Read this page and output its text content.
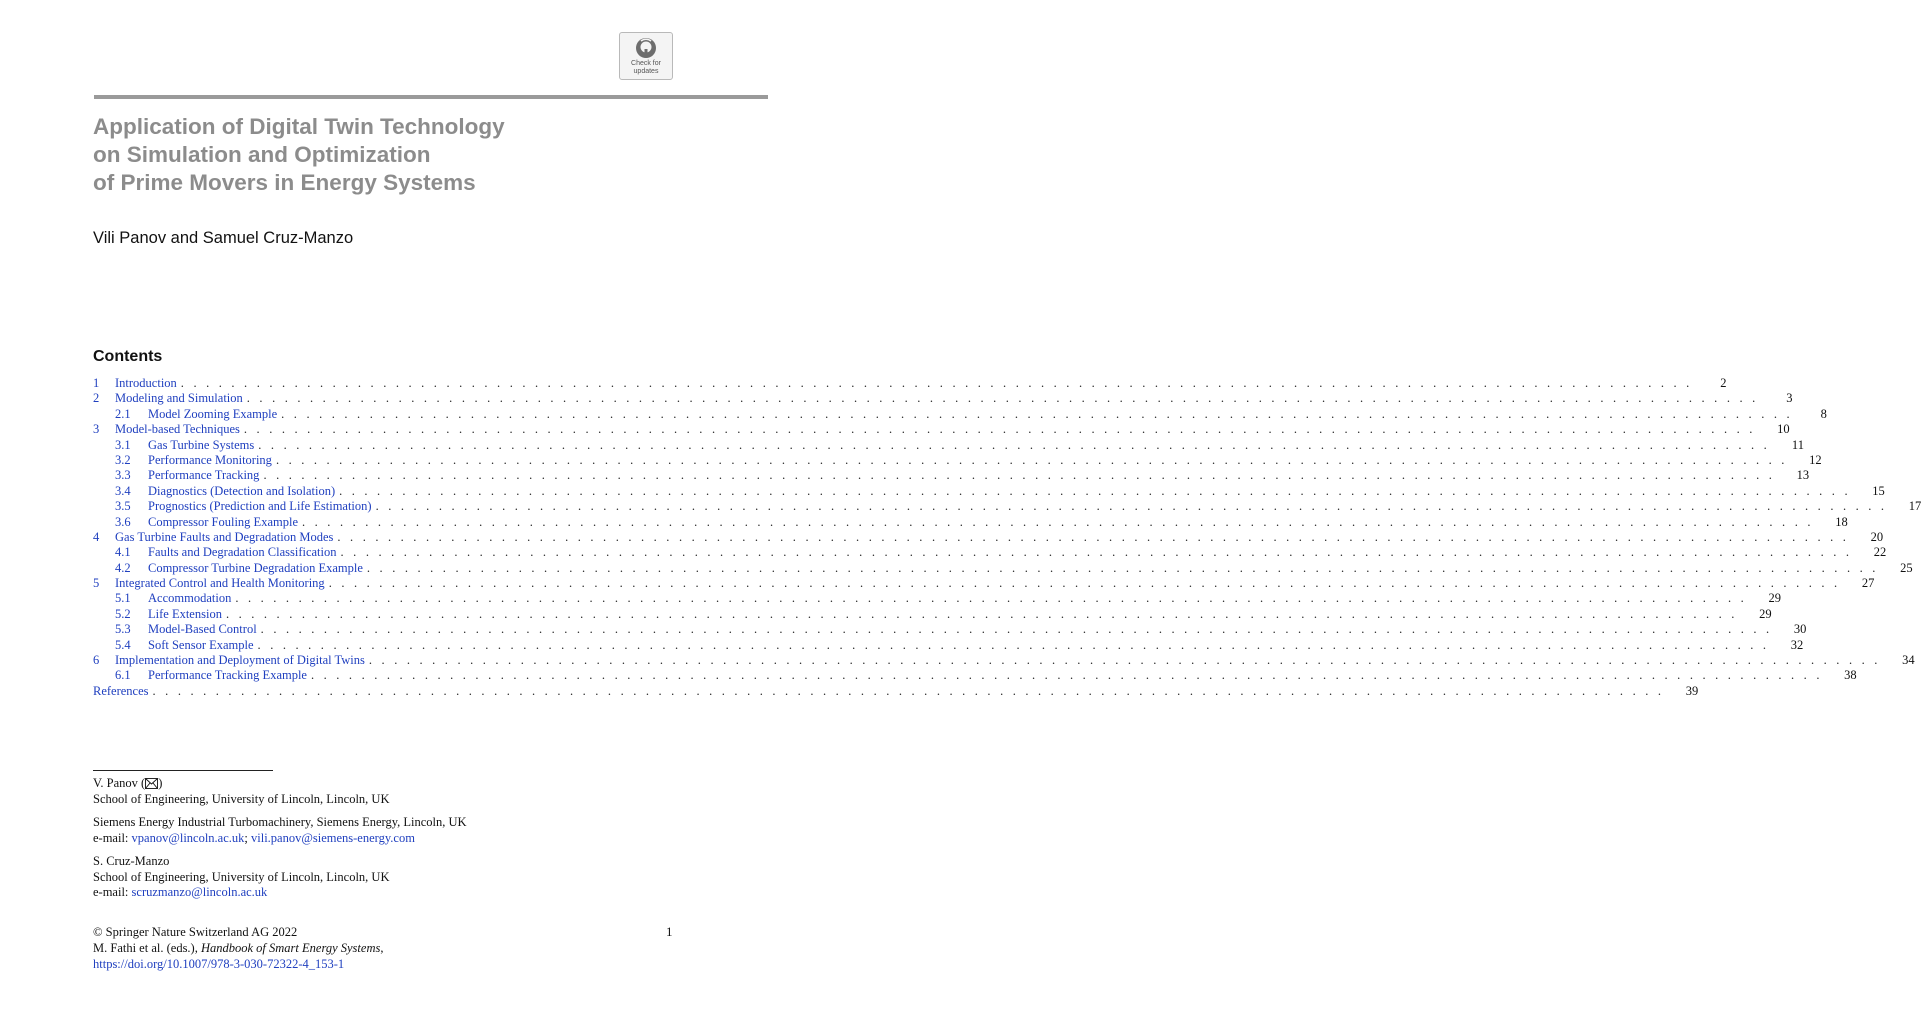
Check for
updates
Application of Digital Twin Technology
on Simulation and Optimization
of Prime Movers in Energy Systems
Vili Panov and Samuel Cruz-Manzo
Contents
1	Introduction . . . . . . . . . . . . . . . . . . . . . . . . . . . . . . . . . . . . . . . . . . . . . . . . . . . . . . . . . . . . . . . . . . . . . . . . . . . . . . . . . . . . . . . . . . . . . . . . . . . . . . . . . . . . . . . . . . . . . . . .	2
2	Modeling and Simulation . . . . . . . . . . . . . . . . . . . . . . . . . . . . . . . . . . . . . . . . . . . . . . . . . . . . . . . . . . . . . . . . . . . . . . . . . . . . . . . . . . . . . . . . . . . . . . . . . . . . . . . . . . . . . . . . . . . . . . . .	3
2.1	Model Zooming Example . . . . . . . . . . . . . . . . . . . . . . . . . . . . . . . . . . . . . . . . . . . . . . . . . . . . . . . . . . . . . . . . . . . . . . . . . . . . . . . . . . . . . . . . . . . . . . . . . . . . . . . . . . . . . . . . . . . . . . . .	8
3	Model-based Techniques . . . . . . . . . . . . . . . . . . . . . . . . . . . . . . . . . . . . . . . . . . . . . . . . . . . . . . . . . . . . . . . . . . . . . . . . . . . . . . . . . . . . . . . . . . . . . . . . . . . . . . . . . . . . . . . . . . . . . . . .	10
3.1	Gas Turbine Systems . . . . . . . . . . . . . . . . . . . . . . . . . . . . . . . . . . . . . . . . . . . . . . . . . . . . . . . . . . . . . . . . . . . . . . . . . . . . . . . . . . . . . . . . . . . . . . . . . . . . . . . . . . . . . . . . . . . . . . . .	11
3.2	Performance Monitoring . . . . . . . . . . . . . . . . . . . . . . . . . . . . . . . . . . . . . . . . . . . . . . . . . . . . . . . . . . . . . . . . . . . . . . . . . . . . . . . . . . . . . . . . . . . . . . . . . . . . . . . . . . . . . . . . . . . . . . . .	12
3.3	Performance Tracking . . . . . . . . . . . . . . . . . . . . . . . . . . . . . . . . . . . . . . . . . . . . . . . . . . . . . . . . . . . . . . . . . . . . . . . . . . . . . . . . . . . . . . . . . . . . . . . . . . . . . . . . . . . . . . . . . . . . . . . .	13
3.4	Diagnostics (Detection and Isolation) . . . . . . . . . . . . . . . . . . . . . . . . . . . . . . . . . . . . . . . . . . . . . . . . . . . . . . . . . . . . . . . . . . . . . . . . . . . . . . . . . . . . . . . . . . . . . . . . . . . . . . . . . . . . . . . . . . . . . . . .	15
3.5	Prognostics (Prediction and Life Estimation) . . . . . . . . . . . . . . . . . . . . . . . . . . . . . . . . . . . . . . . . . . . . . . . . . . . . . . . . . . . . . . . . . . . . . . . . . . . . . . . . . . . . . . . . . . . . . . . . . . . . . . . . . . . . . . . . . . . . . . . .	17
3.6	Compressor Fouling Example . . . . . . . . . . . . . . . . . . . . . . . . . . . . . . . . . . . . . . . . . . . . . . . . . . . . . . . . . . . . . . . . . . . . . . . . . . . . . . . . . . . . . . . . . . . . . . . . . . . . . . . . . . . . . . . . . . . . . . . .	18
4	Gas Turbine Faults and Degradation Modes . . . . . . . . . . . . . . . . . . . . . . . . . . . . . . . . . . . . . . . . . . . . . . . . . . . . . . . . . . . . . . . . . . . . . . . . . . . . . . . . . . . . . . . . . . . . . . . . . . . . . . . . . . . . . . . . . . . . . . . .	20
4.1	Faults and Degradation Classification . . . . . . . . . . . . . . . . . . . . . . . . . . . . . . . . . . . . . . . . . . . . . . . . . . . . . . . . . . . . . . . . . . . . . . . . . . . . . . . . . . . . . . . . . . . . . . . . . . . . . . . . . . . . . . . . . . . . . . . .	22
4.2	Compressor Turbine Degradation Example . . . . . . . . . . . . . . . . . . . . . . . . . . . . . . . . . . . . . . . . . . . . . . . . . . . . . . . . . . . . . . . . . . . . . . . . . . . . . . . . . . . . . . . . . . . . . . . . . . . . . . . . . . . . . . . . . . . . . . . .	25
5	Integrated Control and Health Monitoring . . . . . . . . . . . . . . . . . . . . . . . . . . . . . . . . . . . . . . . . . . . . . . . . . . . . . . . . . . . . . . . . . . . . . . . . . . . . . . . . . . . . . . . . . . . . . . . . . . . . . . . . . . . . . . . . . . . . . . . .	27
5.1	Accommodation . . . . . . . . . . . . . . . . . . . . . . . . . . . . . . . . . . . . . . . . . . . . . . . . . . . . . . . . . . . . . . . . . . . . . . . . . . . . . . . . . . . . . . . . . . . . . . . . . . . . . . . . . . . . . . . . . . . . . . . .	29
5.2	Life Extension . . . . . . . . . . . . . . . . . . . . . . . . . . . . . . . . . . . . . . . . . . . . . . . . . . . . . . . . . . . . . . . . . . . . . . . . . . . . . . . . . . . . . . . . . . . . . . . . . . . . . . . . . . . . . . . . . . . . . . . .	29
5.3	Model-Based Control . . . . . . . . . . . . . . . . . . . . . . . . . . . . . . . . . . . . . . . . . . . . . . . . . . . . . . . . . . . . . . . . . . . . . . . . . . . . . . . . . . . . . . . . . . . . . . . . . . . . . . . . . . . . . . . . . . . . . . . .	30
5.4	Soft Sensor Example . . . . . . . . . . . . . . . . . . . . . . . . . . . . . . . . . . . . . . . . . . . . . . . . . . . . . . . . . . . . . . . . . . . . . . . . . . . . . . . . . . . . . . . . . . . . . . . . . . . . . . . . . . . . . . . . . . . . . . . .	32
6	Implementation and Deployment of Digital Twins . . . . . . . . . . . . . . . . . . . . . . . . . . . . . . . . . . . . . . . . . . . . . . . . . . . . . . . . . . . . . . . . . . . . . . . . . . . . . . . . . . . . . . . . . . . . . . . . . . . . . . . . . . . . . . . . . . . . . . . .	34
6.1	Performance Tracking Example . . . . . . . . . . . . . . . . . . . . . . . . . . . . . . . . . . . . . . . . . . . . . . . . . . . . . . . . . . . . . . . . . . . . . . . . . . . . . . . . . . . . . . . . . . . . . . . . . . . . . . . . . . . . . . . . . . . . . . . .	38
References . . . . . . . . . . . . . . . . . . . . . . . . . . . . . . . . . . . . . . . . . . . . . . . . . . . . . . . . . . . . . . . . . . . . . . . . . . . . . . . . . . . . . . . . . . . . . . . . . . . . . . . . . . . . . . . . . . . . . . . .	39

V. Panov ( )

School of Engineering, University of Lincoln, Lincoln, UK

Siemens Energy Industrial Turbomachinery, Siemens Energy, Lincoln, UK

e-mail: vpanov@lincoln.ac.uk; vili.panov@siemens-energy.com

S. Cruz-Manzo

School of Engineering, University of Lincoln, Lincoln, UK

e-mail: scruzmanzo@lincoln.ac.uk

© Springer Nature Switzerland AG 2022

M. Fathi et al. (eds.), Handbook of Smart Energy Systems,

https://doi.org/10.1007/978-3-030-72322-4_153-1

1
